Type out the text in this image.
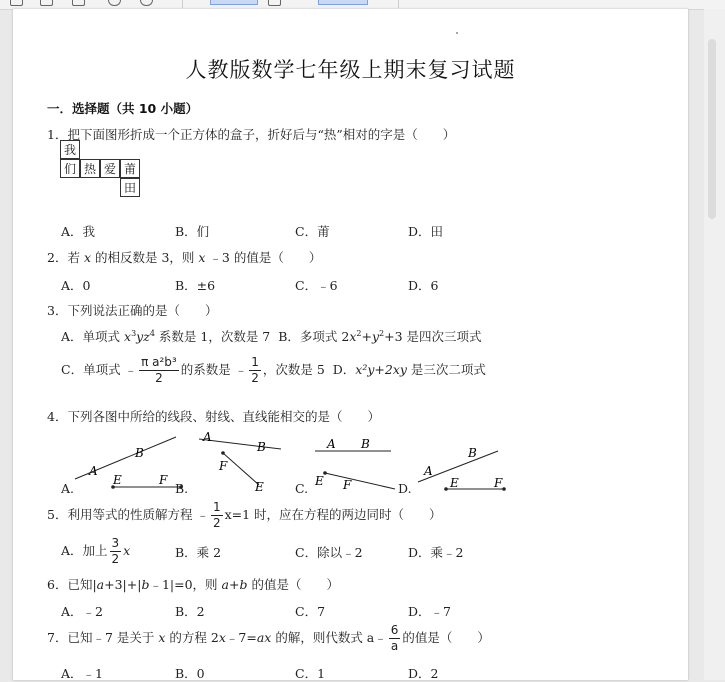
人教版数学七年级上期末复习试题
一．选择题（共 10 小题）
1．把下面图形折成一个正方体的盒子，折好后与“热”相对的字是（　　）
我
们 热 爱 莆
田
A．我	B．们	C．莆	D．田
2．若 x 的相反数是 3，则 x ﹣3 的值是（　　）
A．0	B．±6	C．﹣6	D．6
3．下列说法正确的是（　　）
A．单项式 $x^3yz^4$ 系数是 1，次数是 7 B．多项式 $2x^2+y^2+3$ 是四次三项式
C．单项式 ﹣ $\frac{\text{π a²b³}}{2}$ 的系数是 ﹣ $\frac{1}{2}$ ，次数是 5 D．x²y+2xy 是三次二项式
4．下列各图中所给的线段、射线、直线能相交的是（　　）
A.
A
B
E	F
B.
A
B
F
E C.
A B
E F	D.
A
B
E	F
5．利用等式的性质解方程 ﹣ $\frac{1}{2} x=1$ 时，应在方程的两边同时（　　）
A．加上 $\frac{3}{2}$ x	B．乘 2	C．除以﹣2	D．乘﹣2
6．已知|a+3|+|b﹣1|=0，则 a+b 的值是（　　）
A．﹣2	B．2	C．7	D．﹣7
7．已知﹣7 是关于 x 的方程 2x﹣7=ax 的解，则代数式 a﹣ $\frac{6}{a}$ 的值是（　　）
A．﹣1	B．0	C．1	D．2
